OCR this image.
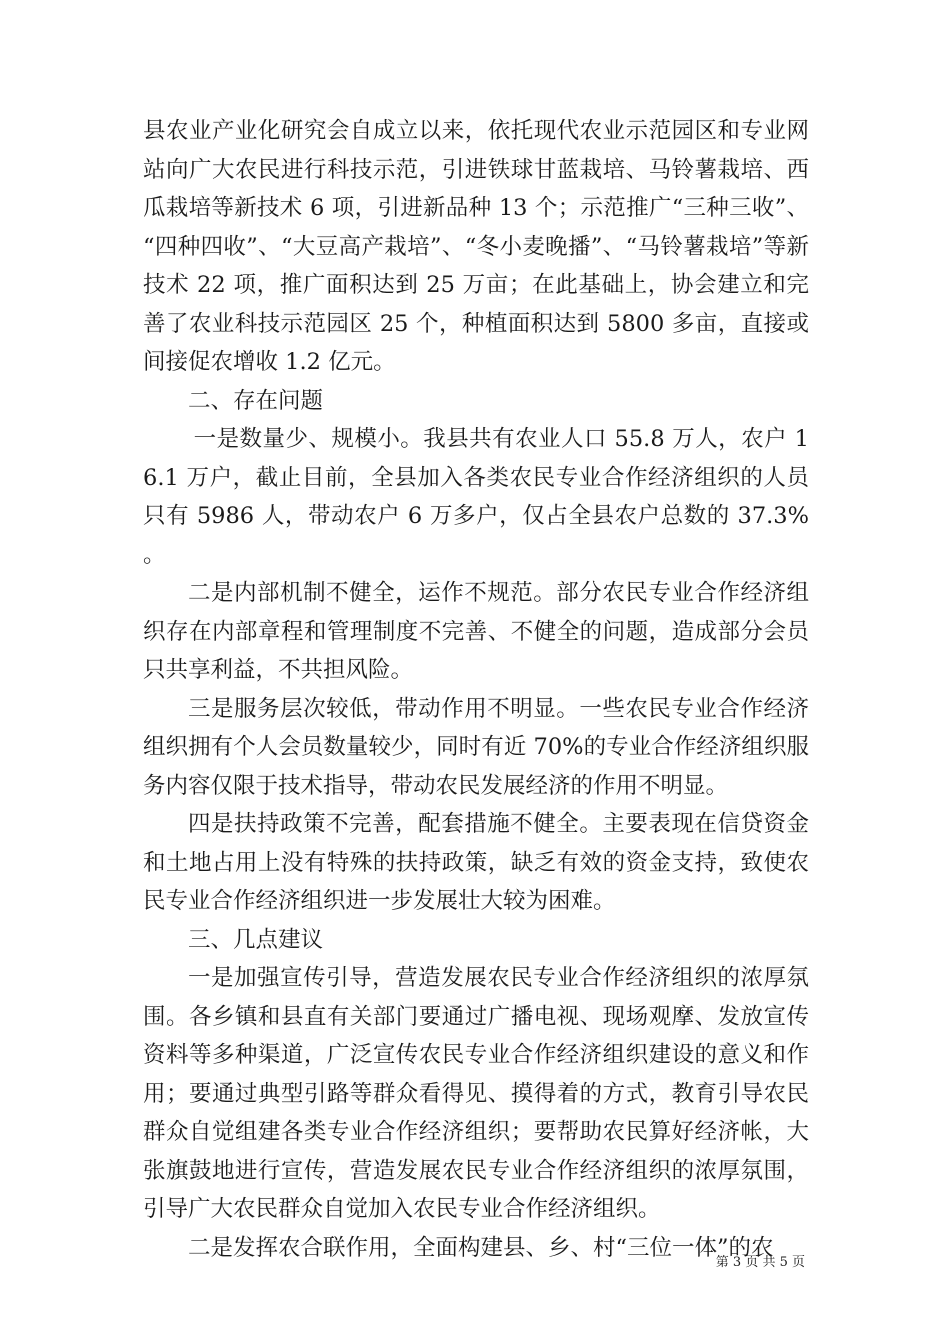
县农业产业化研究会自成立以来，依托现代农业示范园区和专业网站向广大农民进行科技示范，引进铁球甘蓝栽培、马铃薯栽培、西瓜栽培等新技术 6 项，引进新品种 13 个；示范推广“三种三收”、“四种四收”、“大豆高产栽培”、“冬小麦晚播”、“马铃薯栽培”等新技术 22 项，推广面积达到 25 万亩；在此基础上，协会建立和完善了农业科技示范园区 25 个，种植面积达到 5800 多亩，直接或间接促农增收 1.2 亿元。

二、存在问题

一是数量少、规模小。我县共有农业人口 55.8 万人，农户 16.1 万户，截止目前，全县加入各类农民专业合作经济组织的人员只有 5986 人，带动农户 6 万多户，仅占全县农户总数的 37.3%。

二是内部机制不健全，运作不规范。部分农民专业合作经济组织存在内部章程和管理制度不完善、不健全的问题，造成部分会员只共享利益，不共担风险。

三是服务层次较低，带动作用不明显。一些农民专业合作经济组织拥有个人会员数量较少，同时有近 70%的专业合作经济组织服务内容仅限于技术指导，带动农民发展经济的作用不明显。

四是扶持政策不完善，配套措施不健全。主要表现在信贷资金和土地占用上没有特殊的扶持政策，缺乏有效的资金支持，致使农民专业合作经济组织进一步发展壮大较为困难。

三、几点建议

一是加强宣传引导，营造发展农民专业合作经济组织的浓厚氛围。各乡镇和县直有关部门要通过广播电视、现场观摩、发放宣传资料等多种渠道，广泛宣传农民专业合作经济组织建设的意义和作用；要通过典型引路等群众看得见、摸得着的方式，教育引导农民群众自觉组建各类专业合作经济组织；要帮助农民算好经济帐，大张旗鼓地进行宣传，营造发展农民专业合作经济组织的浓厚氛围，引导广大农民群众自觉加入农民专业合作经济组织。

二是发挥农合联作用，全面构建县、乡、村“三位一体”的农

第 3 页 共 5 页
